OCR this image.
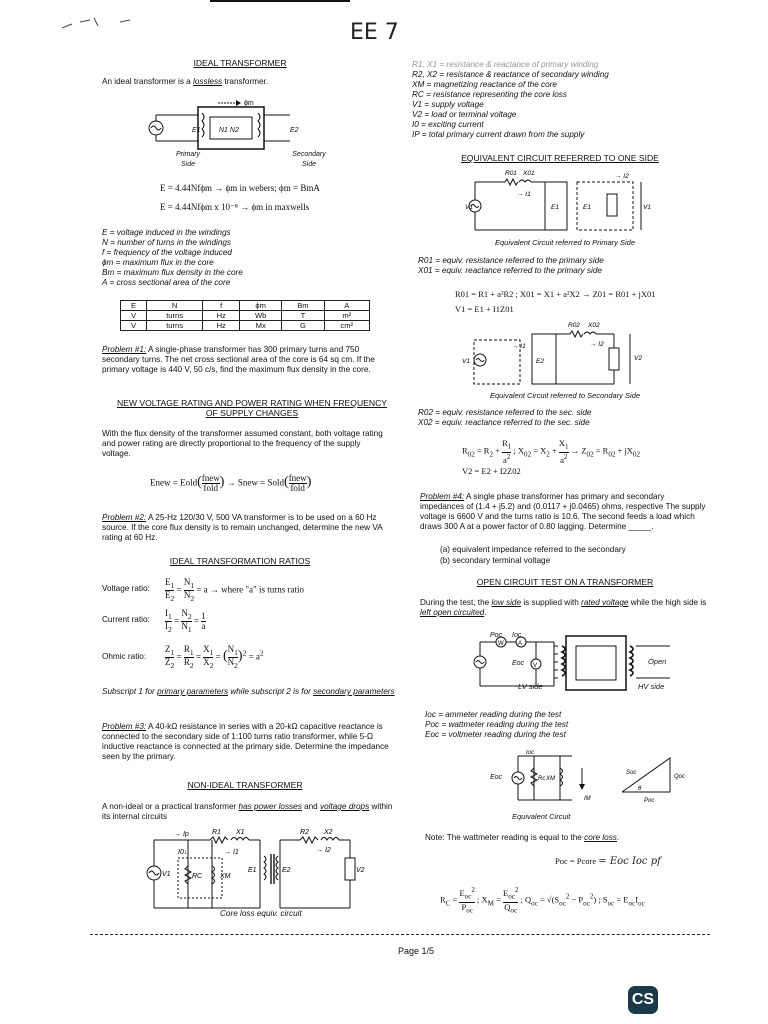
EE 7
IDEAL TRANSFORMER
An ideal transformer is a lossless transformer.
ϕm
E1	N1 N2	E2
Primary Side
Secondary Side
E = 4.44Nfϕm → ϕm in webers; ϕm = BmA
E = 4.44Nfϕm x 10⁻⁸ → ϕm in maxwells
E = voltage induced in the windings
N = number of turns in the windings
f = frequency of the voltage induced
ϕm = maximum flux in the core
Bm = maximum flux density in the core
A = cross sectional area of the core
E	N	f	ϕm	Bm	A
V	turns	Hz	Wb	T	m²
V	turns	Hz	Mx	G	cm²
Problem #1: A single-phase transformer has 300 primary turns and 750 secondary turns. The net cross sectional area of the core is 64 sq cm. If the primary voltage is 440 V, 50 c/s, find the maximum flux density in the core.
NEW VOLTAGE RATING AND POWER RATING WHEN FREQUENCY OF SUPPLY CHANGES
With the flux density of the transformer assumed constant, both voltage rating and power rating are directly proportional to the frequency of the supply voltage.
Enew = Eold( fnew
fold ) → Snew = Sold( fnew
fold )
Problem #2: A 25-Hz 120/30 V, 500 VA transformer is to be used on a 60 Hz source. If the core flux density is to remain unchanged, determine the new VA rating at 60 Hz.
IDEAL TRANSFORMATION RATIOS
Voltage ratio: $\frac{E_1}{E_2} = \frac{N_1}{N_2} = a$ → where "a" is turns ratio
Current ratio: $\frac{I_1}{I_2} = \frac{N_2}{N_1} = \frac{1}{a}$
Ohmic ratio: $\frac{Z_1}{Z_2} = \frac{R_1}{R_2} = \frac{X_1}{X_2}$ = ( $\frac{N_1}{N_2} )^2 = a^2$
Subscript 1 for primary parameters while subscript 2 is for secondary parameters
Problem #3: A 40-kΩ resistance in series with a 20-kΩ capacitive reactance is connected to the secondary side of 1:100 turns ratio transformer, while 5-Ω inductive reactance is connected at the primary side. Determine the impedance seen by the primary.
NON-IDEAL TRANSFORMER
A non-ideal or a practical transformer has power losses and voltage drops within its internal circuits
→ Ip	R1 X1	R2 X2
→ I2
→ I1
I0↓
V1	RC	XM
E1	E2	V2
Core loss equiv. circuit
R1, X1 = resistance & reactance of primary winding
R2, X2 = resistance & reactance of secondary winding
XM = magnetizing reactance of the core
RC = resistance representing the core loss
V1 = supply voltage
V2 = load or terminal voltage
I0 = exciting current
IP = total primary current drawn from the supply
EQUIVALENT CIRCUIT REFERRED TO ONE SIDE
R01 X01
→ I1
→ I2
V1	E1	E1	V1
Equivalent Circuit referred to Primary Side
R01 = equiv. resistance referred to the primary side
X01 = equiv. reactance referred to the primary side
R01 = R1 + a²R2 ; X01 = X1 + a²X2 → Z01 = R01 + jX01
V1 = E1 + I1Z01
R02 X02
→ I1	→ I2
V1	E2	V2
Equivalent Circuit referred to Secondary Side
R02 = equiv. resistance referred to the sec. side
X02 = equiv. reactance referred to the sec. side
$R_{02} = R_2 + \frac{R_1}{a^2}$ ; $X_{02} = X_2 + \frac{X_1}{a^2} \to Z_{02} = R_{02} + jX_{02}$
V2 = E2 + I2Z02
Problem #4: A single phase transformer has primary and secondary impedances of (1.4 + j5.2) and (0.0117 + j0.0465) ohms, respective The supply voltage is 6600 V and the turns ratio is 10.6. The second feeds a load which draws 300 A at a power factor of 0.80 lagging. Determine _____.
(a) equivalent impedance referred to the secondary
(b) secondary terminal voltage
OPEN CIRCUIT TEST ON A TRANSFORMER
During the test, the low side is supplied with rated voltage while the high side is left open circuited.
W A
V
Poc Ioc
Eoc	Open
LV side	HV side
Ioc = ammeter reading during the test
Poc = wattmeter reading during the test
Eoc = voltmeter reading during the test
Ioc
Rc XM
IM
Soc
Qoc
Poc
θ
Eoc
Equivalent Circuit
Note: The wattmeter reading is equal to the core loss.
Poc = Pcore = Eoc Ioc pf
$R_C$ =
$E_{oc}^2$
$P_{oc}$
; $X_M$ =
$E_{oc}^2$
$Q_{oc}$
; $Q_{oc} = √(S_{oc}^2 - P_{oc}^2)$ ; $S_{oc} = E_{oc}I_{oc}$
Page 1/5
CS
